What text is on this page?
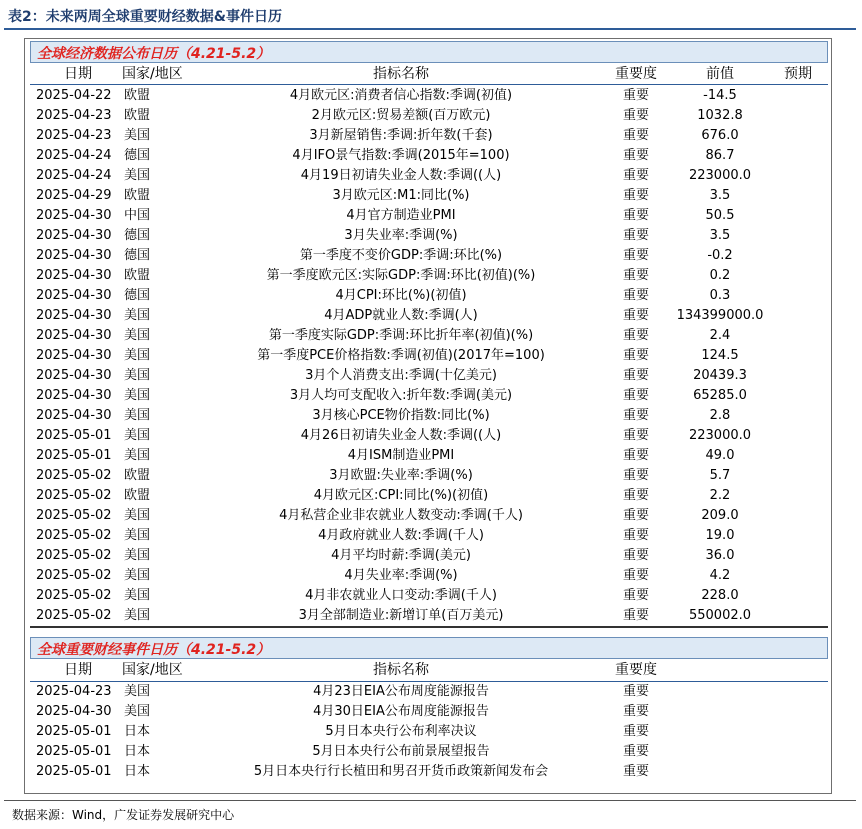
表2：未来两周全球重要财经数据&事件日历
全球经济数据公布日历（4.21-5.2）
日期	国家/地区	指标名称	重要度	前值	预期
2025-04-22 欧盟	4月欧元区:消费者信心指数:季调(初值)	重要	-14.5
2025-04-23 欧盟	2月欧元区:贸易差额(百万欧元)	重要	1032.8
2025-04-23 美国	3月新屋销售:季调:折年数(千套)	重要	676.0
2025-04-24 德国	4月IFO景气指数:季调(2015年=100)	重要	86.7
2025-04-24 美国	4月19日初请失业金人数:季调((人)	重要	223000.0
2025-04-29 欧盟	3月欧元区:M1:同比(%)	重要	3.5
2025-04-30 中国	4月官方制造业PMI	重要	50.5
2025-04-30 德国	3月失业率:季调(%)	重要	3.5
2025-04-30 德国	第一季度不变价GDP:季调:环比(%)	重要	-0.2
2025-04-30 欧盟	第一季度欧元区:实际GDP:季调:环比(初值)(%)	重要	0.2
2025-04-30 德国	4月CPI:环比(%)(初值)	重要	0.3
2025-04-30 美国	4月ADP就业人数:季调(人)	重要	134399000.0
2025-04-30 美国	第一季度实际GDP:季调:环比折年率(初值)(%)	重要	2.4
2025-04-30 美国	第一季度PCE价格指数:季调(初值)(2017年=100)	重要	124.5
2025-04-30 美国	3月个人消费支出:季调(十亿美元)	重要	20439.3
2025-04-30 美国	3月人均可支配收入:折年数:季调(美元)	重要	65285.0
2025-04-30 美国	3月核心PCE物价指数:同比(%)	重要	2.8
2025-05-01 美国	4月26日初请失业金人数:季调((人)	重要	223000.0
2025-05-01 美国	4月ISM制造业PMI	重要	49.0
2025-05-02 欧盟	3月欧盟:失业率:季调(%)	重要	5.7
2025-05-02 欧盟	4月欧元区:CPI:同比(%)(初值)	重要	2.2
2025-05-02 美国	4月私营企业非农就业人数变动:季调(千人)	重要	209.0
2025-05-02 美国	4月政府就业人数:季调(千人)	重要	19.0
2025-05-02 美国	4月平均时薪:季调(美元)	重要	36.0
2025-05-02 美国	4月失业率:季调(%)	重要	4.2
2025-05-02 美国	4月非农就业人口变动:季调(千人)	重要	228.0
2025-05-02 美国	3月全部制造业:新增订单(百万美元)	重要	550002.0
全球重要财经事件日历（4.21-5.2）
日期	国家/地区	指标名称	重要度
2025-04-23 美国	4月23日EIA公布周度能源报告	重要
2025-04-30 美国	4月30日EIA公布周度能源报告	重要
2025-05-01 日本	5月日本央行公布利率决议	重要
2025-05-01 日本	5月日本央行公布前景展望报告	重要
2025-05-01 日本	5月日本央行行长植田和男召开货币政策新闻发布会	重要
数据来源：Wind，广发证券发展研究中心
